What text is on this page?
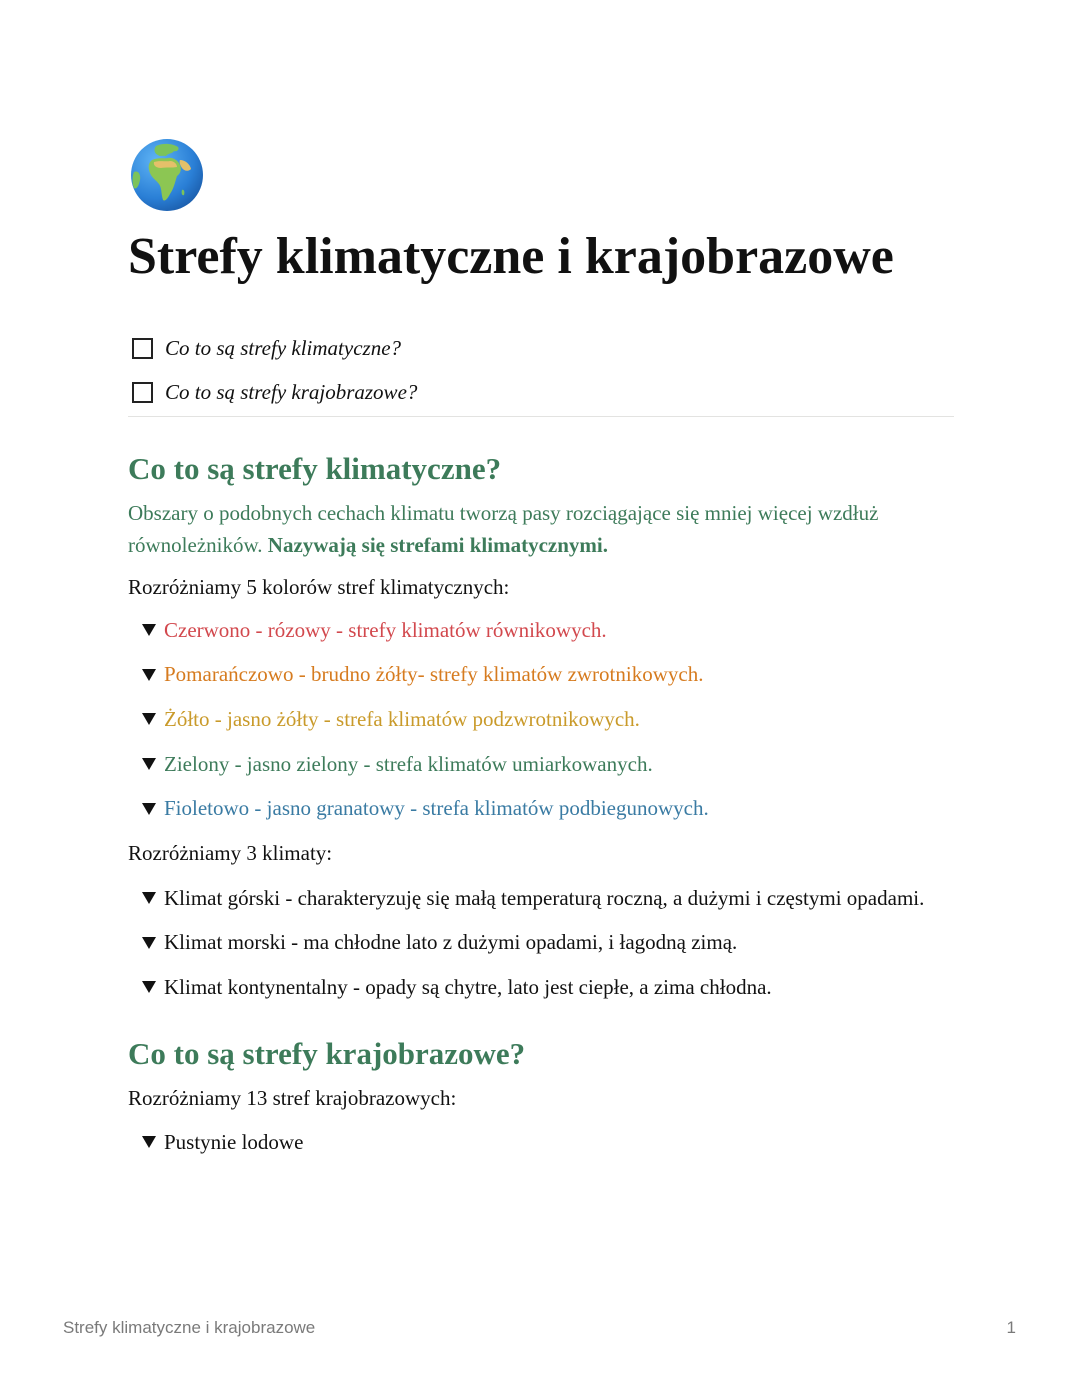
Strefy klimatyczne i krajobrazowe
Co to są strefy klimatyczne?
Co to są strefy krajobrazowe?
Co to są strefy klimatyczne?
Obszary o podobnych cechach klimatu tworzą pasy rozciągające się mniej więcej wzdłuż równoleżników. Nazywają się strefami klimatycznymi.
Rozróżniamy 5 kolorów stref klimatycznych:
Czerwono - rózowy - strefy klimatów równikowych.
Pomarańczowo - brudno żółty- strefy klimatów zwrotnikowych.
Żółto - jasno żółty - strefa klimatów podzwrotnikowych.
Zielony - jasno zielony - strefa klimatów umiarkowanych.
Fioletowo - jasno granatowy - strefa klimatów podbiegunowych.
Rozróżniamy 3 klimaty:
Klimat górski - charakteryzuję się małą temperaturą roczną, a dużymi i częstymi opadami.
Klimat morski - ma chłodne lato z dużymi opadami, i łagodną zimą.
Klimat kontynentalny - opady są chytre, lato jest ciepłe, a zima chłodna.
Co to są strefy krajobrazowe?
Rozróżniamy 13 stref krajobrazowych:
Pustynie lodowe
Strefy klimatyczne i krajobrazowe	1
